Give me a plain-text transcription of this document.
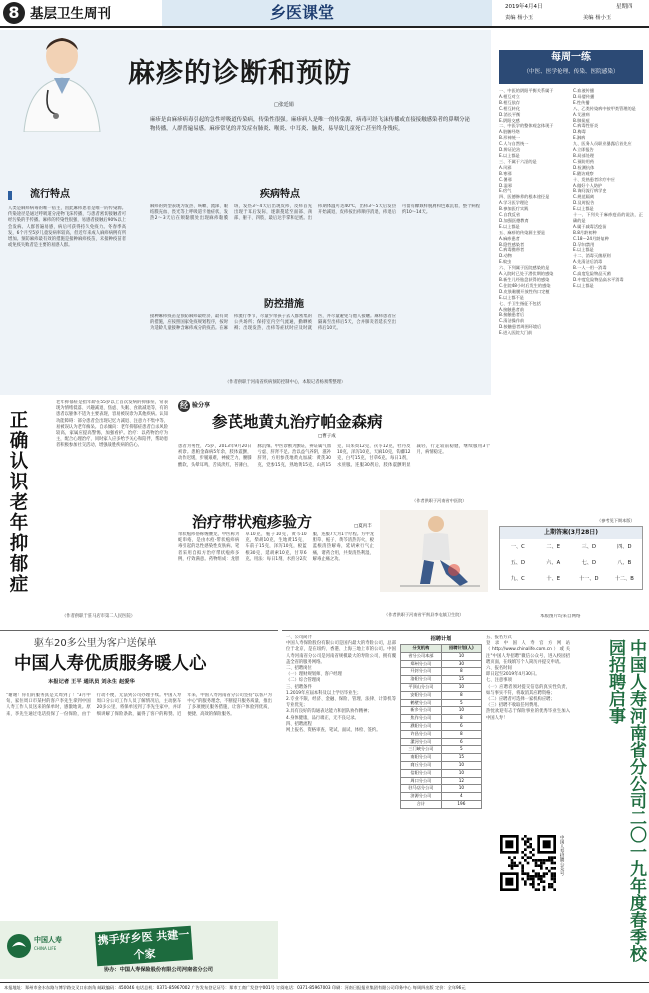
8 基层卫生周刊	乡医课堂	2019年4月4日	星期四
责编 杨小玉	美编 杨小玉
麻疹的诊断和预防
□张廷娟
麻疹是由麻疹病毒引起的急性呼吸道传染病，传染性很强。麻疹病人是唯一的传染源，病毒可经飞沫传播或直接接触感染者的鼻咽分泌物传播，人群普遍易感。麻疹常见的并发症有肺炎、喉炎、中耳炎、脑炎，易导致儿童死亡甚至终身残疾。
流行特点
人类是麻疹病毒的唯一宿主，因此麻疹患者是唯一的传染源。传染途径是通过呼吸道分泌物飞沫传播，与患者密切接触者可经污染的手传播。麻疹的传染性很强，易感者接触后90%以上会发病。人群普遍易感，病后可获得持久免疫力。冬春季高发，6个月至5岁儿童发病率较高，但近年来成人麻疹病例有所增加。预防麻疹最有效的措施是接种麻疹疫苗，未接种疫苗者或免疫失败者是主要的易感人群。
疾病特点
麻疹的典型表现为发热、咳嗽、流涕、眼结膜充血、畏光等上呼吸道卡他症状，发热2～3天后在颊黏膜处出现麻疹黏膜斑，发热3～4天后出现皮疹，皮疹首先出现于耳后发际，逐渐蔓延至面部、颈部、躯干、四肢，最后达手掌和足底。出疹期体温可达40℃，出疹3～5天后发热开始减退，皮疹按出疹顺序消退，疹退后可留有糠麸样脱屑和色素沉着，整个病程约10～14天。
防控措施
接种麻疹疫苗是预防麻疹最经济、最有效的措施，应按照国家免疫规划程序，按时为适龄儿童接种含麻疹成分的疫苗。在麻疹流行季节，尽量少带孩子去人群密集的公共场所；保持室内空气流通，勤晒被褥；出现发热、出疹等症状时应及时就医，并尽量避免与他人接触。麻疹患者应隔离至出疹后5天，合并肺炎者延长至出疹后10天。
（作者供职于河南省疾病预防控制中心，本版记者杨须帮整理）
正确认识老年抑郁症
老年抑郁症是指年龄在55岁以上首次发病的抑郁症，常表现为情绪低落、兴趣减退、焦虑、失眠、食欲减退等，有的患者以躯体不适为主要表现，容易被误诊为其他疾病。认知功能障碍：部分患者会出现记忆力减退、注意力不集中等，易被误认为老年痴呆。自杀倾向：老年抑郁症患者自杀风险较高，家属应提高警惕，加强看护。治疗：以药物治疗为主，配合心理治疗，同时家人应多给予关心和陪伴，帮助患者积极参加社交活动，增强战胜疾病的信心。
（作者供职于驻马店市第二人民医院）
经 验分享
参芪地黄丸治疗帕金森病
□曹子成
患者为男性，75岁，2013年9月20日初诊。患帕金森病5年余，肢体震颤，动作迟缓，步履艰难，神疲乏力，腰膝酸软，头晕耳鸣，舌质淡红，苔薄白，脉沉细。中医诊断为颤证，辨证属气血亏虚、肝肾不足。治以益气养阴，滋补肝肾，方用参芪地黄丸加减：黄芪30克，党参15克，熟地黄15克，山药15克，山茱萸12克，茯苓12克，牡丹皮10克，泽泻10克，天麻10克，钩藤12克，白芍15克，甘草6克。每日1剂，水煎服。连服30剂后，肢体震颤明显减轻，行走较前稳健，继续服用3个月，病情稳定。
（作者供职于河南省中医院）
治疗带状疱疹验方	□夏丙丰
带状疱疹俗称缠腰龙，中医称为蛇串疮，是由水痘-带状疱疹病毒引起的急性感染性皮肤病。笔者采用自拟方治疗带状疱疹多例，疗效满意。药物组成：龙胆草10克，栀子10克，黄芩10克，柴胡10克，生地黄15克，车前子15克，泽泻10克，板蓝根30克，延胡索10克，甘草6克。用法：每日1剂，水煎分2次服，连服7天为1个疗程。方中龙胆草、栀子、黄芩清热泻火，板蓝根清热解毒，延胡索行气止痛，诸药合用，共奏清热利湿、解毒止痛之功。
（作者供职于河南省平舆县李屯镇卫生院）
每周一练
（中医、医学伦理、传染、医院感染）
一、中医的阴阳平衡关系属于
A.相互对立
B.相互依存
C.相互转化
D.消长平衡
E.阴阳交感
二、中医学的整体观念体现于
A.脏腑经络
B.形神统一
C.人与自然统一
D.辨证论治
E.以上都是
三、不属于六淫的是
A.风邪
B.寒邪
C.暑邪
D.湿邪
E.疠气
四、医德修养的根本途径是
A.学习医学理论
B.参加医疗实践
C.自我反省
D.加强医德教育
E.以上都是
五、麻疹的传染源主要是
A.麻疹患者
B.隐性感染者
C.病毒携带者
D.动物
E.蚊虫
六、下列属于医院感染的是
A.入院时已处于潜伏期的感染
B.新生儿经胎盘获得的感染
C.住院48小时后发生的感染
D.皮肤黏膜开放性伤口定植
E.以上都不是
七、手卫生指征不包括
A.接触患者前
B.接触患者后
C.清洁操作前
D.接触患者周围环境后
E.进入医院大门前
C.血液传播
D.母婴传播
E.性传播
八、乙类传染病中按甲类管理的是
A.艾滋病
B.肺炭疽
C.病毒性肝炎
D.梅毒
E.淋病
九、医务人员职业暴露后首先应
A.立即报告
B.局部处理
C.预防用药
D.检测抗体
E.随访观察
十、发热患者诊疗中应
A.做好个人防护
B.询问流行病学史
C.规范隔离
D.及时报告
E.以上都是
十一、下列关于麻疹疫苗的说法，正确的是
A.属于减毒活疫苗
B.8月龄初种
C.18～24月龄复种
D.孕妇禁用
E.以上都是
十二、消毒灭菌原则
A.先清洁后消毒
B.一人一用一消毒
C.高度危险物品灭菌
D.中度危险物品高水平消毒
E.以上都是
（参考见下期本版）
上期答案(3月28日)
一、C	二、E	三、D	四、D
五、D	六、A	七、D	八、B
九、C	十、E	十一、D	十二、B
本版图片均来自网络
驱车20多公里为客户送保单
中国人寿优质服务暖人心
本报记者 王平 通讯员 刘永生 赵爱华
"谢谢！你们的服务真是太周到了！"3月中旬，家住周口市某村的客户李先生拿到中国人寿工作人员送来的保单时，感激地说。原来，李先生通过电话投保了一份保险，由于行动不便，无法到公司办理手续。中国人寿周口分公司工作人员了解情况后，主动驱车20多公里，将保单送到了李先生家中，并详细讲解了保险条款，赢得了客户的称赞。近年来，中国人寿河南省分公司坚持"以客户为中心"的服务理念，不断提升服务质量，推出了多项便民服务措施，让客户体验到优质、便捷、高效的保险服务。
中国人寿
CHINA LIFE
携手好乡医 共建一个家
协办：中国人寿保险股份有限公司河南省分公司
一、公司简介
中国人寿保险股份有限公司是国内最大的寿险公司，总部位于北京，是在纽约、香港、上海三地上市的公司。中国人寿河南省分公司是河南省规模最大的寿险公司，拥有覆盖全省的服务网络。
二、招聘岗位
（一）理财规划师、客户经理
（二）综合管理岗
三、招聘条件
1.2019年应届本科及以上学历毕业生；
2.专业不限，经济、金融、保险、管理、法律、计算机等专业优先；
3.具有良好的沟通表达能力和团队协作精神；
4.身体健康，品行端正，无不良记录。
四、招聘流程
网上报名、资格审查、笔试、面试、体检、签约。
招聘计划
分支机构	招聘计划(人)
省分公司本部	10
郑州分公司	30
开封分公司	8
洛阳分公司	15
平顶山分公司	10
安阳分公司	8
鹤壁分公司	5
新乡分公司	10
焦作分公司	8
濮阳分公司	6
许昌分公司	8
漯河分公司	6
三门峡分公司	5
南阳分公司	15
商丘分公司	10
信阳分公司	10
周口分公司	12
驻马店分公司	10
济源分公司	4
合计	196
五、报名方式
登录中国人寿官方网站（http://www.chinalife.com.cn）或关注"中国人寿招聘"微信公众号，进入校园招聘页面，在线填写个人简历并提交申请。
六、报名时间
即日起至2019年4月30日。
七、注意事项
（一）应聘者须对提交信息的真实性负责，如与事实不符，将取消其应聘资格；
（二）应聘者可选择一家机构应聘；
（三）招聘不收取任何费用。
热忱欢迎有志于保险事业的优秀毕业生加入中国人寿！
中国人寿招聘公众号	中国人寿河南省分公司二〇一九年度春季校园招聘启事
本报地址：郑州市金水东路与博学路交叉口东南角 邮政编码：450046 电话总机：0371-85967002 广告发布登记证号：郑市工商广发登字001号 订阅电话：0371-85967003 印刷：河南日报报业集团有限公司印务中心 每周四出版 定价：全年96元
